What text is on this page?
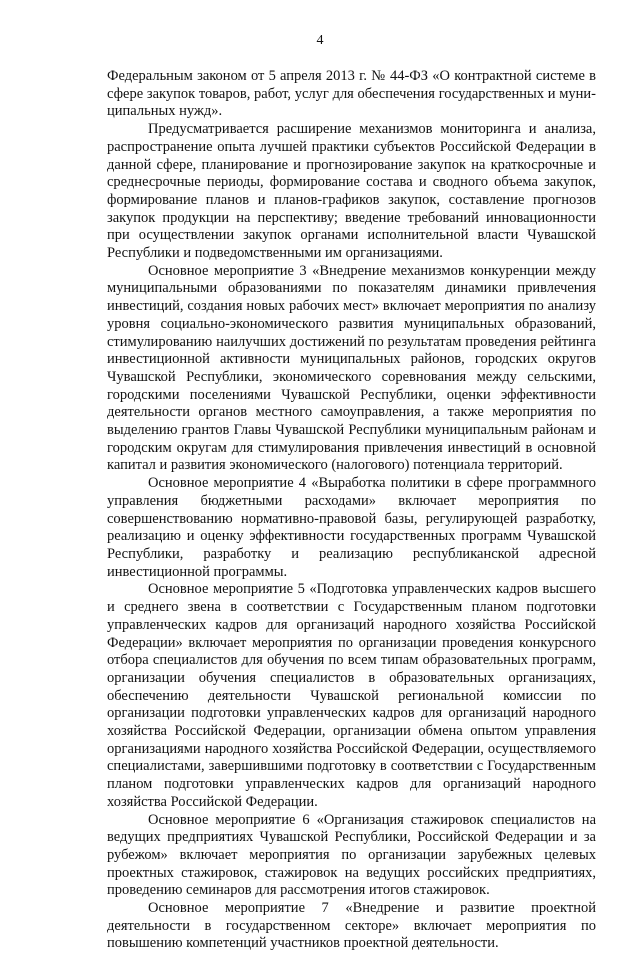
4

Федеральным законом от 5 апреля 2013 г. № 44-ФЗ «О контрактной системе в сфере закупок товаров, работ, услуг для обеспечения государственных и муниципальных нужд».

Предусматривается расширение механизмов мониторинга и анализа, распространение опыта лучшей практики субъектов Российской Федерации в данной сфере, планирование и прогнозирование закупок на краткосрочные и среднесрочные периоды, формирование состава и сводного объема закупок, формирование планов и планов-графиков закупок, составление прогнозов закупок продукции на перспективу; введение требований инновационности при осуществлении закупок органами исполнительной власти Чувашской Республики и подведомственными им организациями.

Основное мероприятие 3 «Внедрение механизмов конкуренции между муниципальными образованиями по показателям динамики привлечения инвестиций, создания новых рабочих мест» включает мероприятия по анализу уровня социально-экономического развития муниципальных образований, стимулированию наилучших достижений по результатам проведения рейтинга инвестиционной активности муниципальных районов, городских округов Чувашской Республики, экономического соревнования между сельскими, городскими поселениями Чувашской Республики, оценки эффективности деятельности органов местного самоуправления, а также мероприятия по выделению грантов Главы Чувашской Республики муниципальным районам и городским округам для стимулирования привлечения инвестиций в основной капитал и развития экономического (налогового) потенциала территорий.

Основное мероприятие 4 «Выработка политики в сфере программного управления бюджетными расходами» включает мероприятия по совершенствованию нормативно-правовой базы, регулирующей разработку, реализацию и оценку эффективности государственных программ Чувашской Республики, разработку и реализацию республиканской адресной инвестиционной программы.

Основное мероприятие 5 «Подготовка управленческих кадров высшего и среднего звена в соответствии с Государственным планом подготовки управленческих кадров для организаций народного хозяйства Российской Федерации» включает мероприятия по организации проведения конкурсного отбора специалистов для обучения по всем типам образовательных программ, организации обучения специалистов в образовательных организациях, обеспечению деятельности Чувашской региональной комиссии по организации подготовки управленческих кадров для организаций народного хозяйства Российской Федерации, организации обмена опытом управления организациями народного хозяйства Российской Федерации, осуществляемого специалистами, завершившими подготовку в соответствии с Государственным планом подготовки управленческих кадров для организаций народного хозяйства Российской Федерации.

Основное мероприятие 6 «Организация стажировок специалистов на ведущих предприятиях Чувашской Республики, Российской Федерации и за рубежом» включает мероприятия по организации зарубежных целевых проектных стажировок, стажировок на ведущих российских предприятиях, проведению семинаров для рассмотрения итогов стажировок.

Основное мероприятие 7 «Внедрение и развитие проектной деятельности в государственном секторе» включает мероприятия по повышению компетенций участников проектной деятельности.
